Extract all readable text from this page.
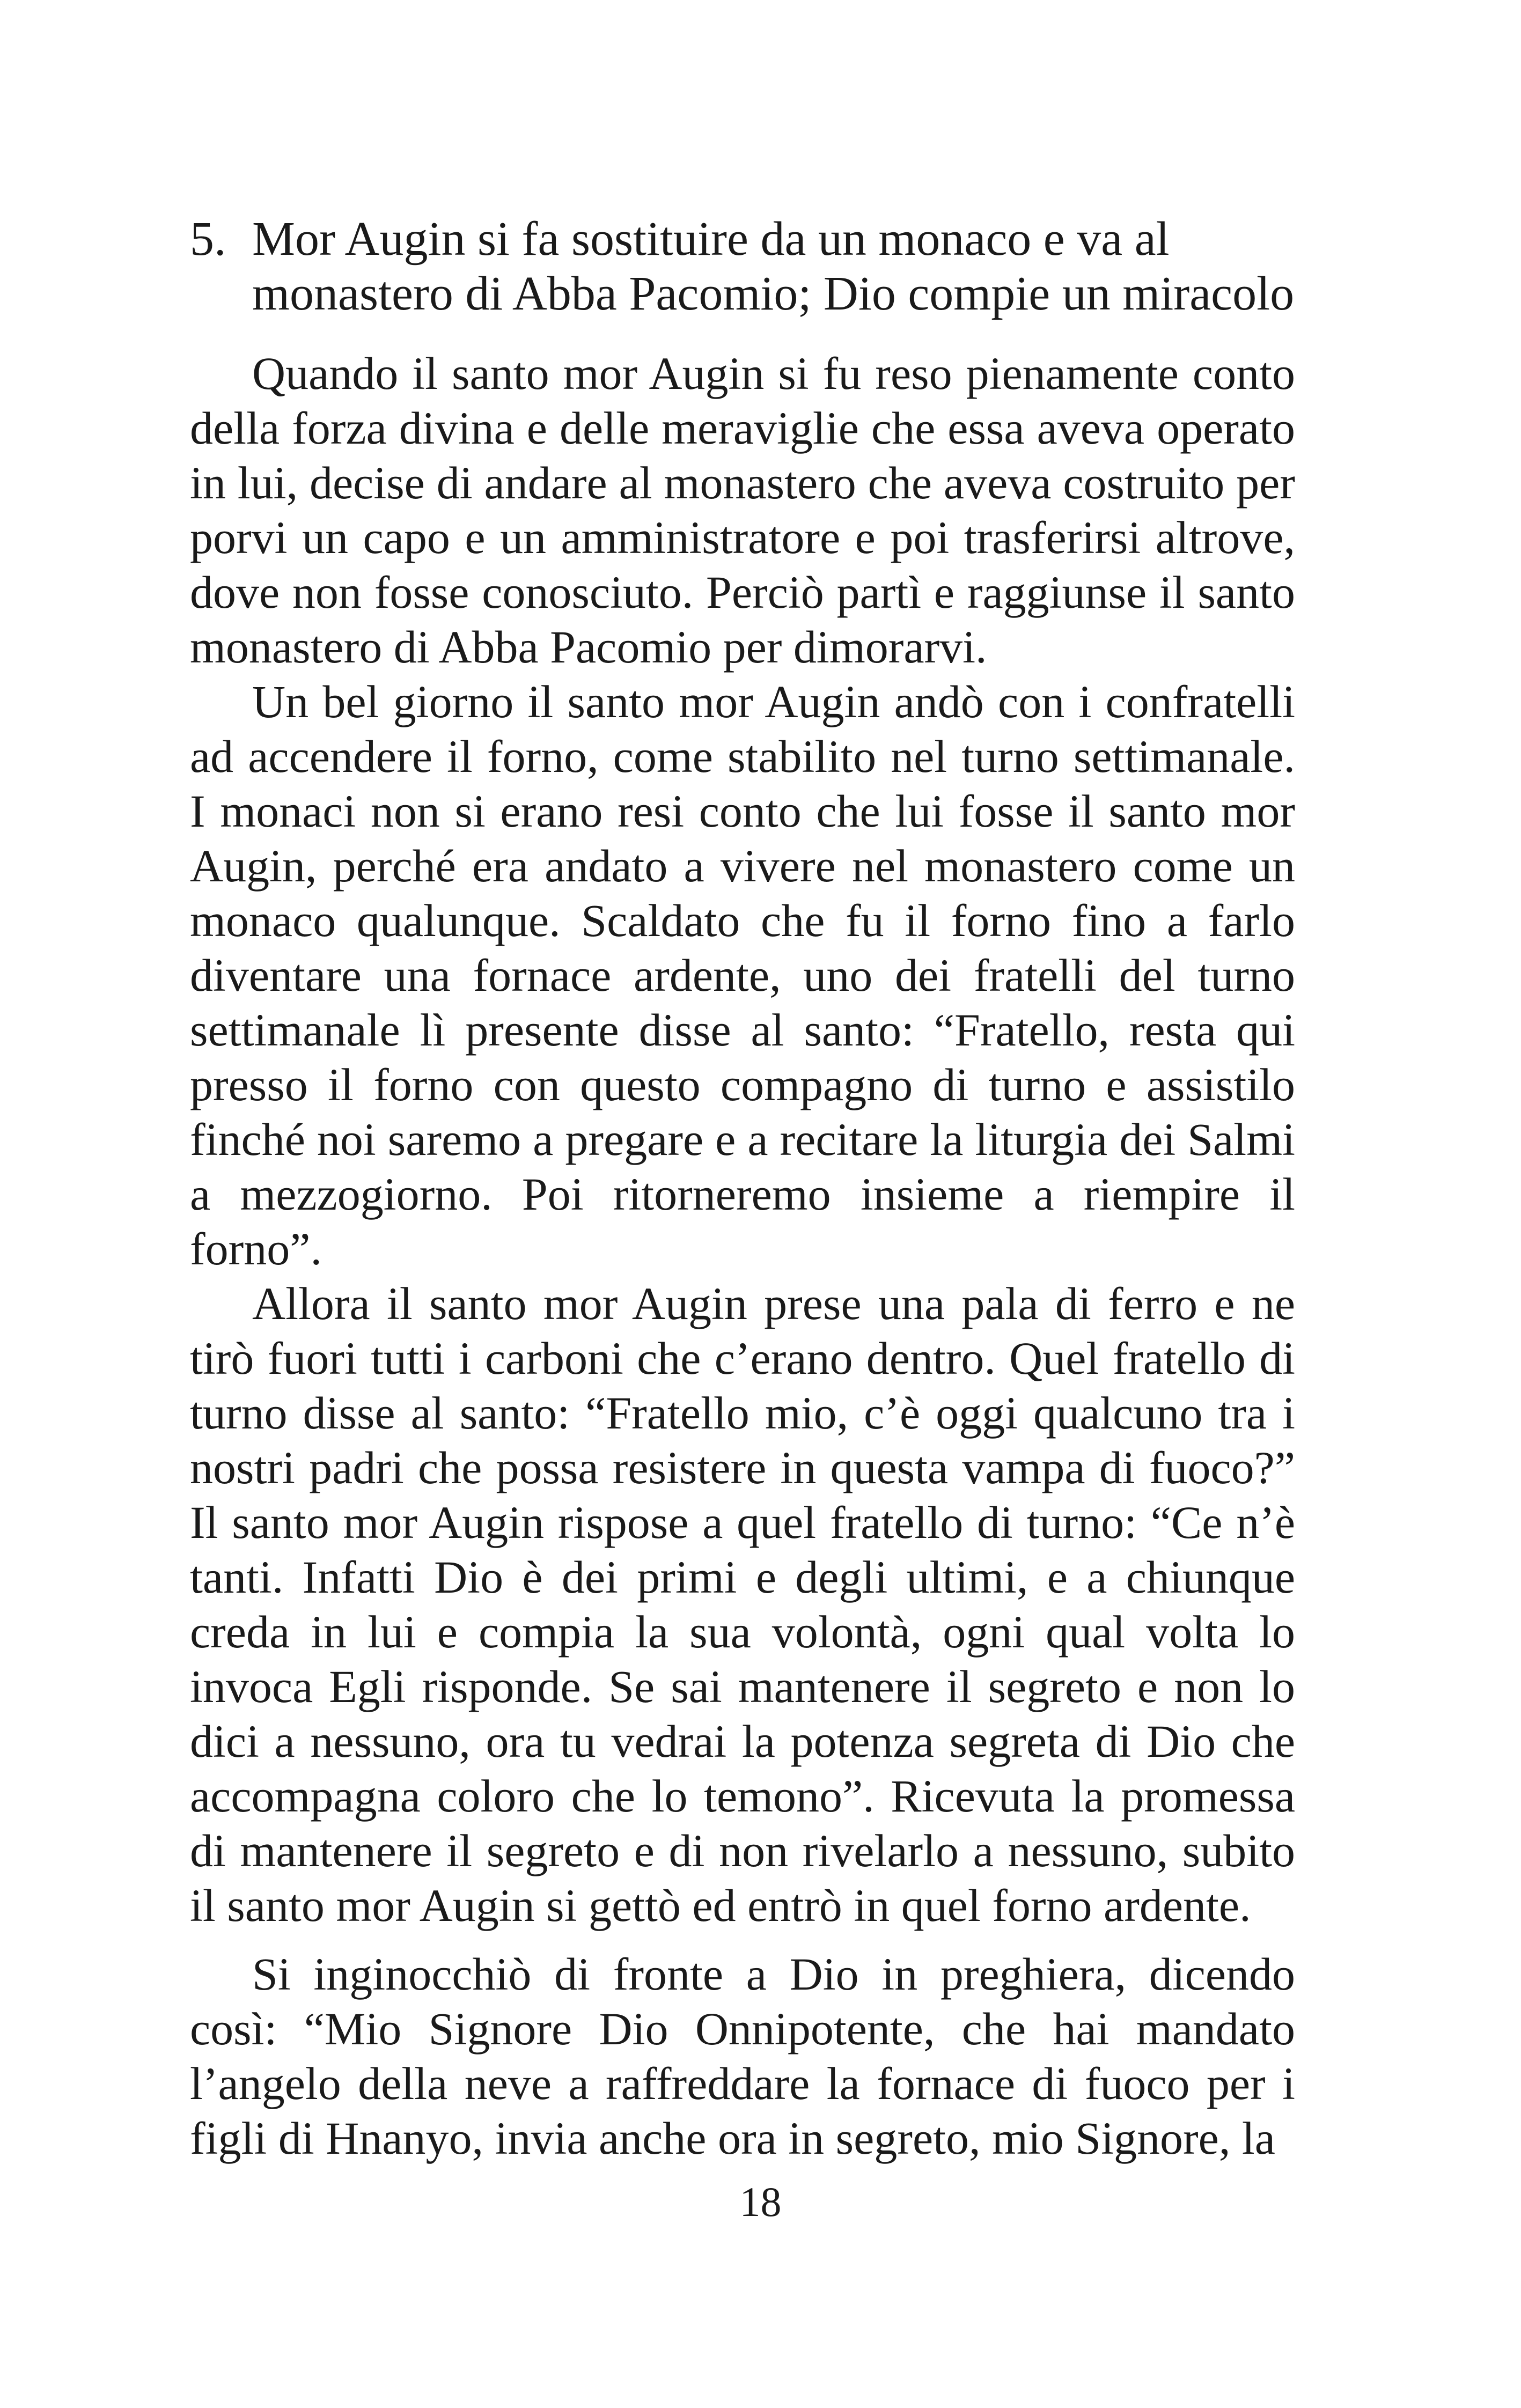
5. Mor Augin si fa sostituire da un monaco e va al monastero di Abba Pacomio; Dio compie un miracolo

Quando il santo mor Augin si fu reso pienamente conto della forza divina e delle meraviglie che essa aveva operato in lui, decise di andare al monastero che aveva costruito per porvi un capo e un amministratore e poi trasferirsi altrove, dove non fosse conosciuto. Perciò partì e raggiunse il santo monastero di Abba Pacomio per dimorarvi.

Un bel giorno il santo mor Augin andò con i confratelli ad accendere il forno, come stabilito nel turno settimanale. I monaci non si erano resi conto che lui fosse il santo mor Augin, perché era andato a vivere nel monastero come un monaco qualunque. Scaldato che fu il forno fino a farlo diventare una fornace ardente, uno dei fratelli del turno settimanale lì presente disse al santo: “Fratello, resta qui presso il forno con questo compagno di turno e assistilo finché noi saremo a pregare e a recitare la liturgia dei Salmi a mezzogiorno. Poi ritorneremo insieme a riempire il forno”.

Allora il santo mor Augin prese una pala di ferro e ne tirò fuori tutti i carboni che c’erano dentro. Quel fratello di turno disse al santo: “Fratello mio, c’è oggi qualcuno tra i nostri padri che possa resistere in questa vampa di fuoco?” Il santo mor Augin rispose a quel fratello di turno: “Ce n’è tanti. Infatti Dio è dei primi e degli ultimi, e a chiunque creda in lui e compia la sua volontà, ogni qual volta lo invoca Egli risponde. Se sai mantenere il segreto e non lo dici a nessuno, ora tu vedrai la potenza segreta di Dio che accompagna coloro che lo temono”. Ricevuta la promessa di mantenere il segreto e di non rivelarlo a nessuno, subito il santo mor Augin si gettò ed entrò in quel forno ardente.

Si inginocchiò di fronte a Dio in preghiera, dicendo così: “Mio Signore Dio Onnipotente, che hai mandato l’angelo della neve a raffreddare la fornace di fuoco per i figli di Hnanyo, invia anche ora in segreto, mio Signore, la

18
